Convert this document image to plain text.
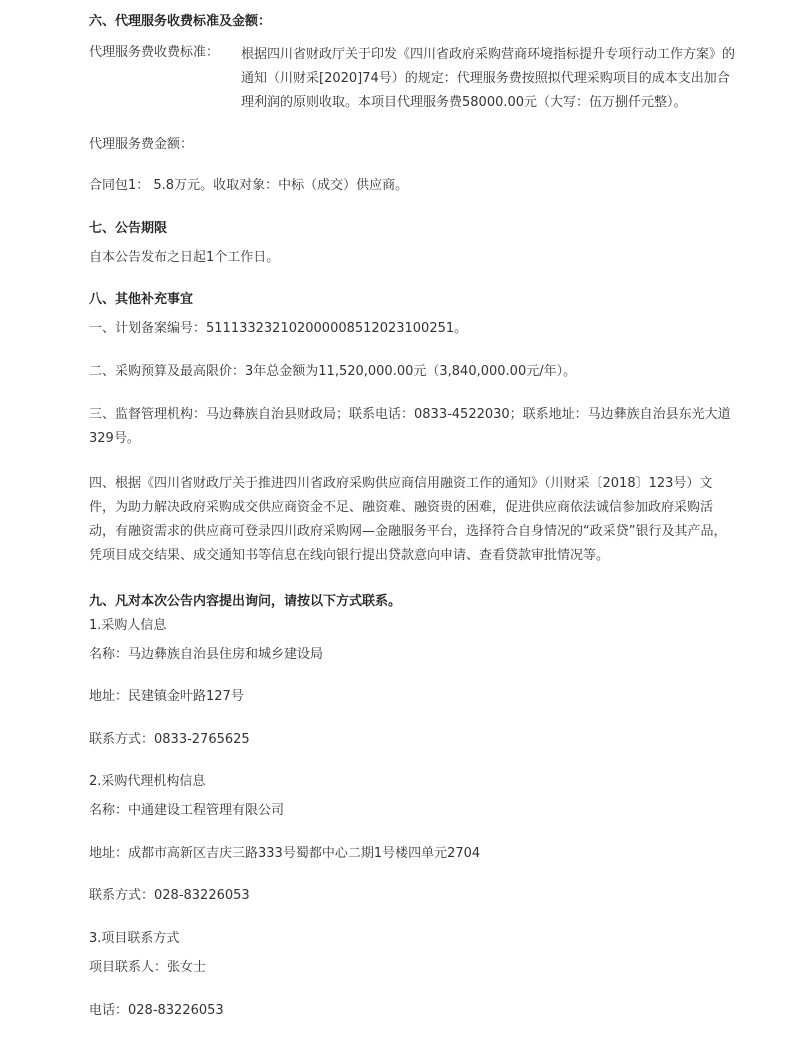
六、代理服务收费标准及金额：
代理服务费收费标准： 根据四川省财政厅关于印发《四川省政府采购营商环境指标提升专项行动工作方案》的通知（川财采[2020]74号）的规定：代理服务费按照拟代理采购项目的成本支出加合理利润的原则收取。本项目代理服务费58000.00元（大写：伍万捌仟元整）。
代理服务费金额：
合同包1： 5.8万元。收取对象：中标（成交）供应商。
七、公告期限
自本公告发布之日起1个工作日。
八、其他补充事宜
一、计划备案编号：511133232102000008512023100251。
二、采购预算及最高限价：3年总金额为11,520,000.00元（3,840,000.00元/年）。
三、监督管理机构：马边彝族自治县财政局；联系电话：0833-4522030；联系地址：马边彝族自治县东光大道329号。
四、根据《四川省财政厅关于推进四川省政府采购供应商信用融资工作的通知》（川财采〔2018〕123号）文件，为助力解决政府采购成交供应商资金不足、融资难、融资贵的困难，促进供应商依法诚信参加政府采购活动，有融资需求的供应商可登录四川政府采购网—金融服务平台，选择符合自身情况的“政采贷”银行及其产品，凭项目成交结果、成交通知书等信息在线向银行提出贷款意向申请、查看贷款审批情况等。
九、凡对本次公告内容提出询问，请按以下方式联系。
1.采购人信息
名称：马边彝族自治县住房和城乡建设局
地址：民建镇金叶路127号
联系方式：0833-2765625
2.采购代理机构信息
名称：中通建设工程管理有限公司
地址：成都市高新区吉庆三路333号蜀都中心二期1号楼四单元2704
联系方式：028-83226053
3.项目联系方式
项目联系人：张女士
电话：028-83226053
